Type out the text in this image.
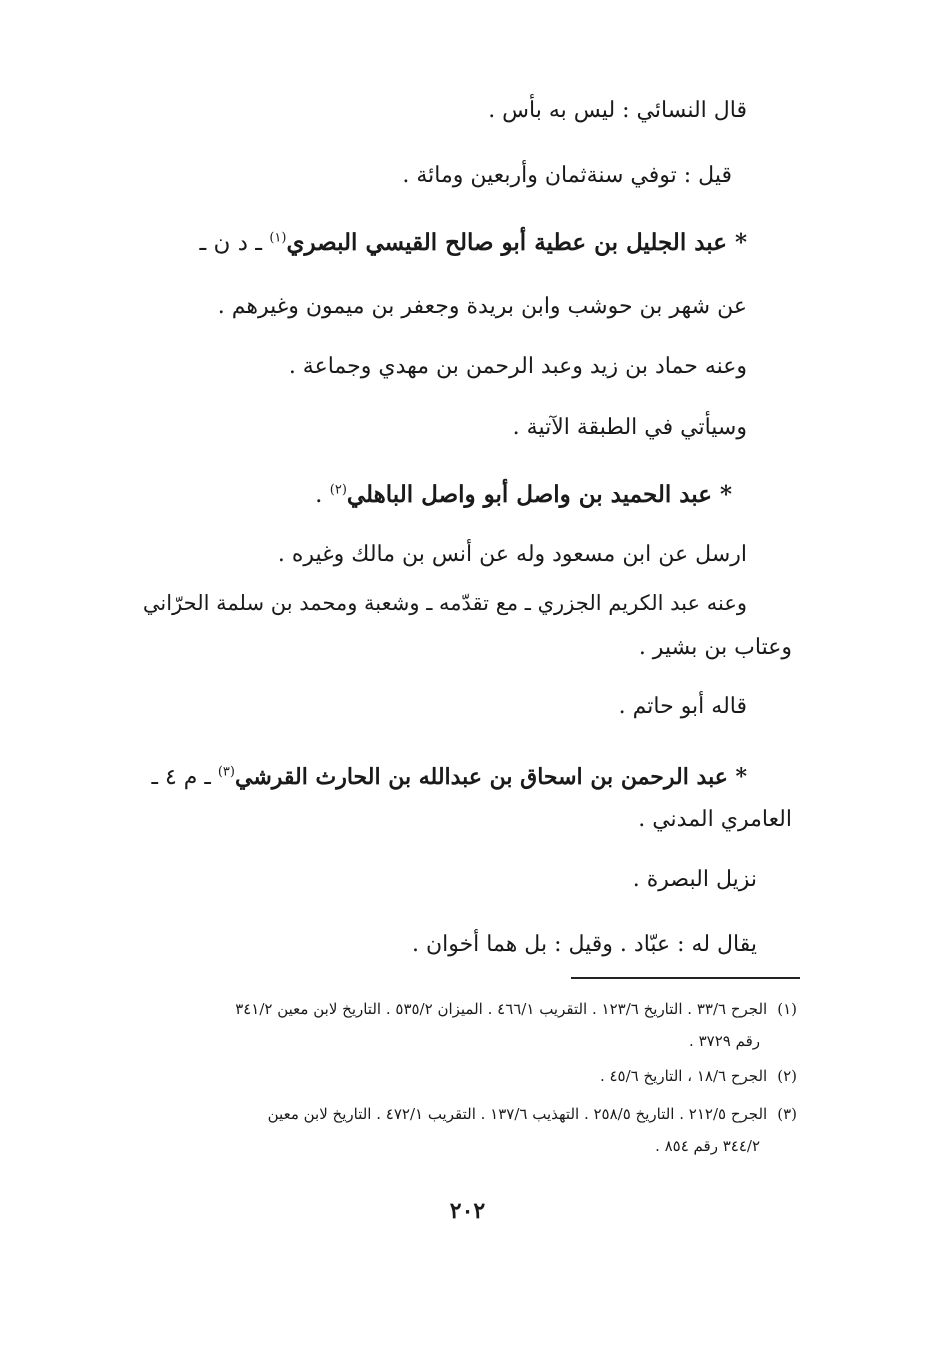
قال النسائي : ليس به بأس .
قيل : توفي سنةثمان وأربعين ومائة .
* عبد الجليل بن عطية أبو صالح القيسي البصري$^{(١)}$ ـ د ن ـ
عن شهر بن حوشب وابن بريدة وجعفر بن ميمون وغيرهم .
وعنه حماد بن زيد وعبد الرحمن بن مهدي وجماعة .
وسيأتي في الطبقة الآتية .
* عبد الحميد بن واصل أبو واصل الباهلي$^{(٢)}$ .
ارسل عن ابن مسعود وله عن أنس بن مالك وغيره .
وعنه عبد الكريم الجزري ـ مع تقدّمه ـ وشعبة ومحمد بن سلمة الحرّاني
وعتاب بن بشير .
قاله أبو حاتم .
* عبد الرحمن بن اسحاق بن عبدالله بن الحارث القرشي$^{(٣)}$ ـ م ٤ ـ
العامري المدني .
نزيل البصرة .
يقال له : عبّاد . وقيل : بل هما أخوان .
(١)الجرح ٣٣/٦ . التاريخ ١٢٣/٦ . التقريب ٤٦٦/١ . الميزان ٥٣٥/٢ . التاريخ لابن معين ٣٤١/٢
رقم ٣٧٢٩ .
(٢)الجرح ١٨/٦ ، التاريخ ٤٥/٦ .
(٣)الجرح ٢١٢/٥ . التاريخ ٢٥٨/٥ . التهذيب ١٣٧/٦ . التقريب ٤٧٢/١ . التاريخ لابن معين
٣٤٤/٢ رقم ٨٥٤ .
٢٠٢
